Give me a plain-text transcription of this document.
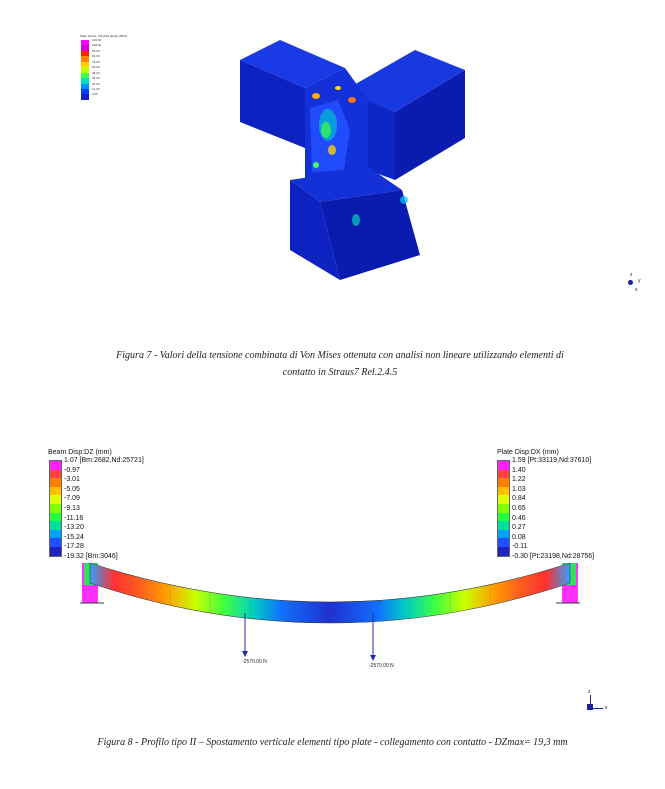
Plate Stress: VM (Mid plane) (MPa)
120.00
108.00
96.00
84.00
72.00
60.00
48.00
36.00
24.00
12.00
0.00
z
y
x
Figura 7 - Valori della tensione combinata di Von Mises ottenuta con analisi non lineare utilizzando elementi di
contatto in Straus7 Rel.2.4.5
Beam Disp:DZ (mm)
1.07 [Bm:2682,Nd:25721]
-0.97
-3.01
-5.05
-7.09
-9.13
-11.16
-13.20
-15.24
-17.28
-19.32 [Bm:3046]
Plate Disp:DX (mm)
1.59 [Pt:33119,Nd:37610]
1.40
1.22
1.03
0.84
0.65
0.46
0.27
0.08
-0.11
-0.30 [Pt:23198,Nd:28756]
-2570.00 N
-2570.00 N
z
x
Figura 8 - Profilo tipo II – Spostamento verticale elementi tipo plate - collegamento con contatto - DZmax= 19,3 mm
